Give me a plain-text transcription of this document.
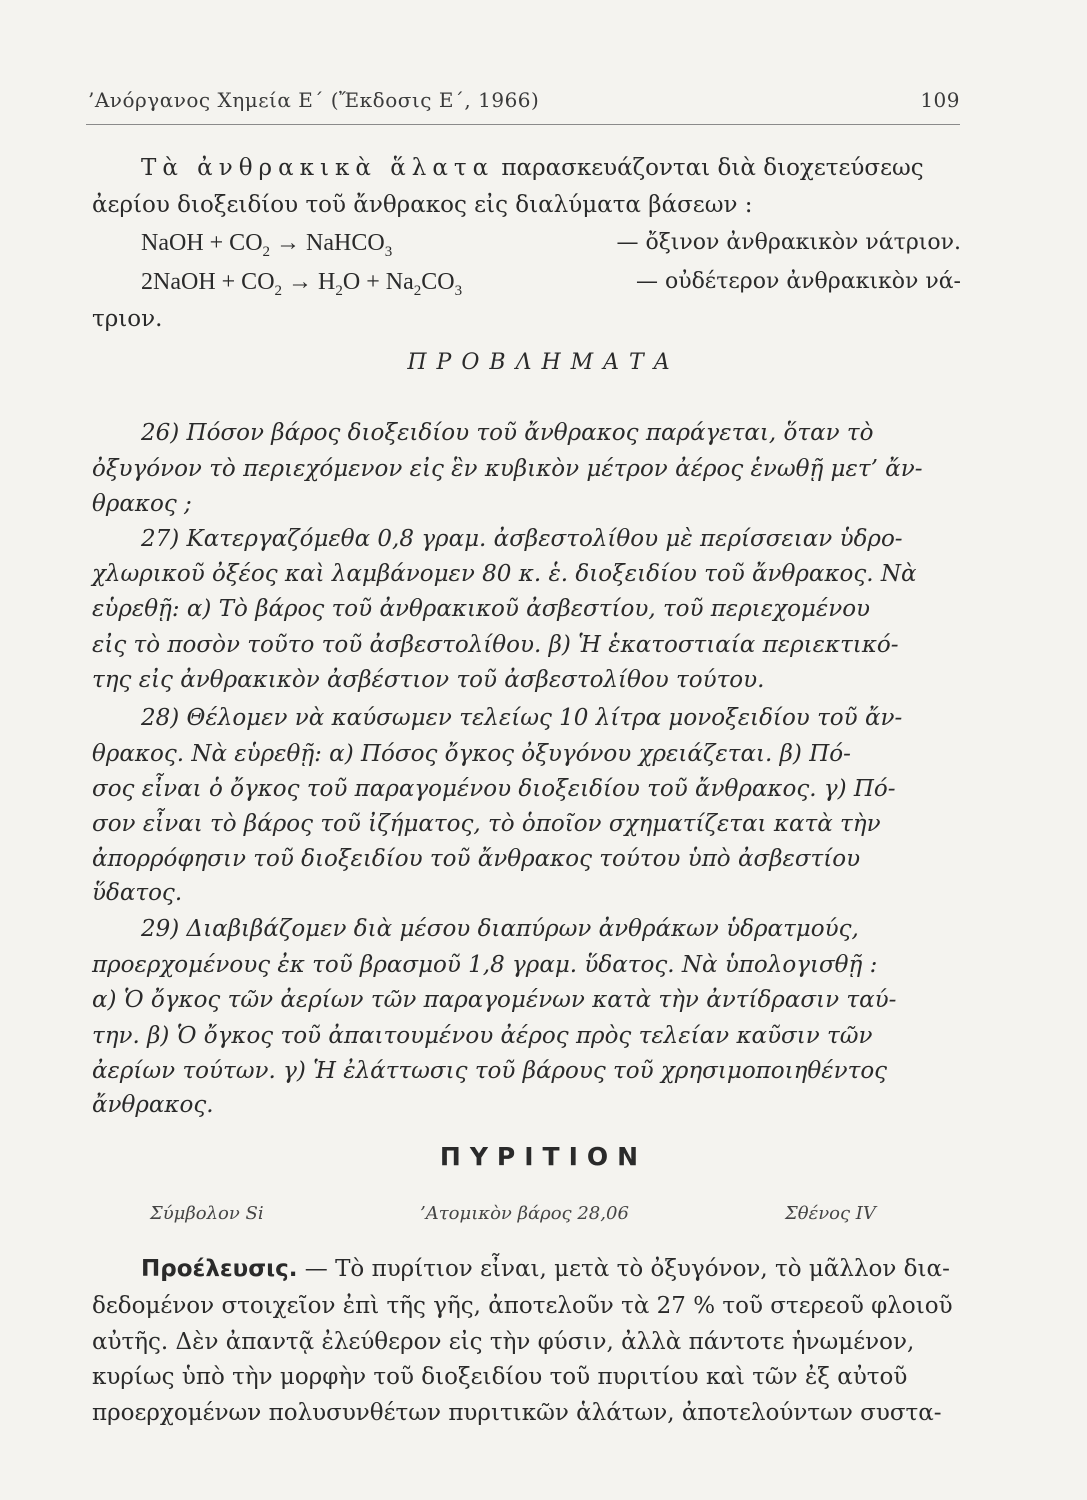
’Ανόργανος Χημεία Ε΄ (Ἔκδοσις Ε΄, 1966)	109
Τὰ ἀνθρακικὰ ἅλατα παρασκευάζονται διὰ διοχετεύσεως
ἀερίου διοξειδίου τοῦ ἄνθρακος εἰς διαλύματα βάσεων :
NaOH + $CO_2$ → NaHCO$_3$	— ὄξινον ἀνθρακικὸν νάτριον.
2NaOH + $CO_2 \to H_2O + Na_2CO_3$	— οὐδέτερον ἀνθρακικὸν νά-
τριον.
ΠΡΟΒΛΗΜΑΤΑ
26) Πόσον βάρος διοξειδίου τοῦ ἄνθρακος παράγεται, ὅταν τὸ
ὀξυγόνον τὸ περιεχόμενον εἰς ἓν κυβικὸν μέτρον ἀέρος ἑνωθῇ μετ’ ἄν-
θρακος ;
27) Κατεργαζόμεθα 0,8 γραμ. ἀσβεστολίθου μὲ περίσσειαν ὑδρο-
χλωρικοῦ ὀξέος καὶ λαμβάνομεν 80 κ. ἑ. διοξειδίου τοῦ ἄνθρακος. Νὰ
εὑρεθῇ: α) Τὸ βάρος τοῦ ἀνθρακικοῦ ἀσβεστίου, τοῦ περιεχομένου
εἰς τὸ ποσὸν τοῦτο τοῦ ἀσβεστολίθου. β) Ἡ ἑκατοστιαία περιεκτικό-
της εἰς ἀνθρακικὸν ἀσβέστιον τοῦ ἀσβεστολίθου τούτου.
28) Θέλομεν νὰ καύσωμεν τελείως 10 λίτρα μονοξειδίου τοῦ ἄν-
θρακος. Νὰ εὑρεθῇ: α) Πόσος ὄγκος ὀξυγόνου χρειάζεται. β) Πό-
σος εἶναι ὁ ὄγκος τοῦ παραγομένου διοξειδίου τοῦ ἄνθρακος. γ) Πό-
σον εἶναι τὸ βάρος τοῦ ἰζήματος, τὸ ὁποῖον σχηματίζεται κατὰ τὴν
ἀπορρόφησιν τοῦ διοξειδίου τοῦ ἄνθρακος τούτου ὑπὸ ἀσβεστίου
ὕδατος.
29) Διαβιβάζομεν διὰ μέσου διαπύρων ἀνθράκων ὑδρατμούς,
προερχομένους ἐκ τοῦ βρασμοῦ 1,8 γραμ. ὕδατος. Νὰ ὑπολογισθῇ :
α) Ὁ ὄγκος τῶν ἀερίων τῶν παραγομένων κατὰ τὴν ἀντίδρασιν ταύ-
την. β) Ὁ ὄγκος τοῦ ἀπαιτουμένου ἀέρος πρὸς τελείαν καῦσιν τῶν
ἀερίων τούτων. γ) Ἡ ἐλάττωσις τοῦ βάρους τοῦ χρησιμοποιηθέντος
ἄνθρακος.
ΠΥΡΙΤΙΟΝ
Σύμβολον Si	’Ατομικὸν βάρος 28,06	Σθένος IV
Προέλευσις. — Τὸ πυρίτιον εἶναι, μετὰ τὸ ὀξυγόνον, τὸ μᾶλλον δια-
δεδομένον στοιχεῖον ἐπὶ τῆς γῆς, ἀποτελοῦν τὰ 27 % τοῦ στερεοῦ φλοιοῦ
αὐτῆς. Δὲν ἀπαντᾷ ἐλεύθερον εἰς τὴν φύσιν, ἀλλὰ πάντοτε ἡνωμένον,
κυρίως ὑπὸ τὴν μορφὴν τοῦ διοξειδίου τοῦ πυριτίου καὶ τῶν ἐξ αὐτοῦ
προερχομένων πολυσυνθέτων πυριτικῶν ἁλάτων, ἀποτελούντων συστα-
